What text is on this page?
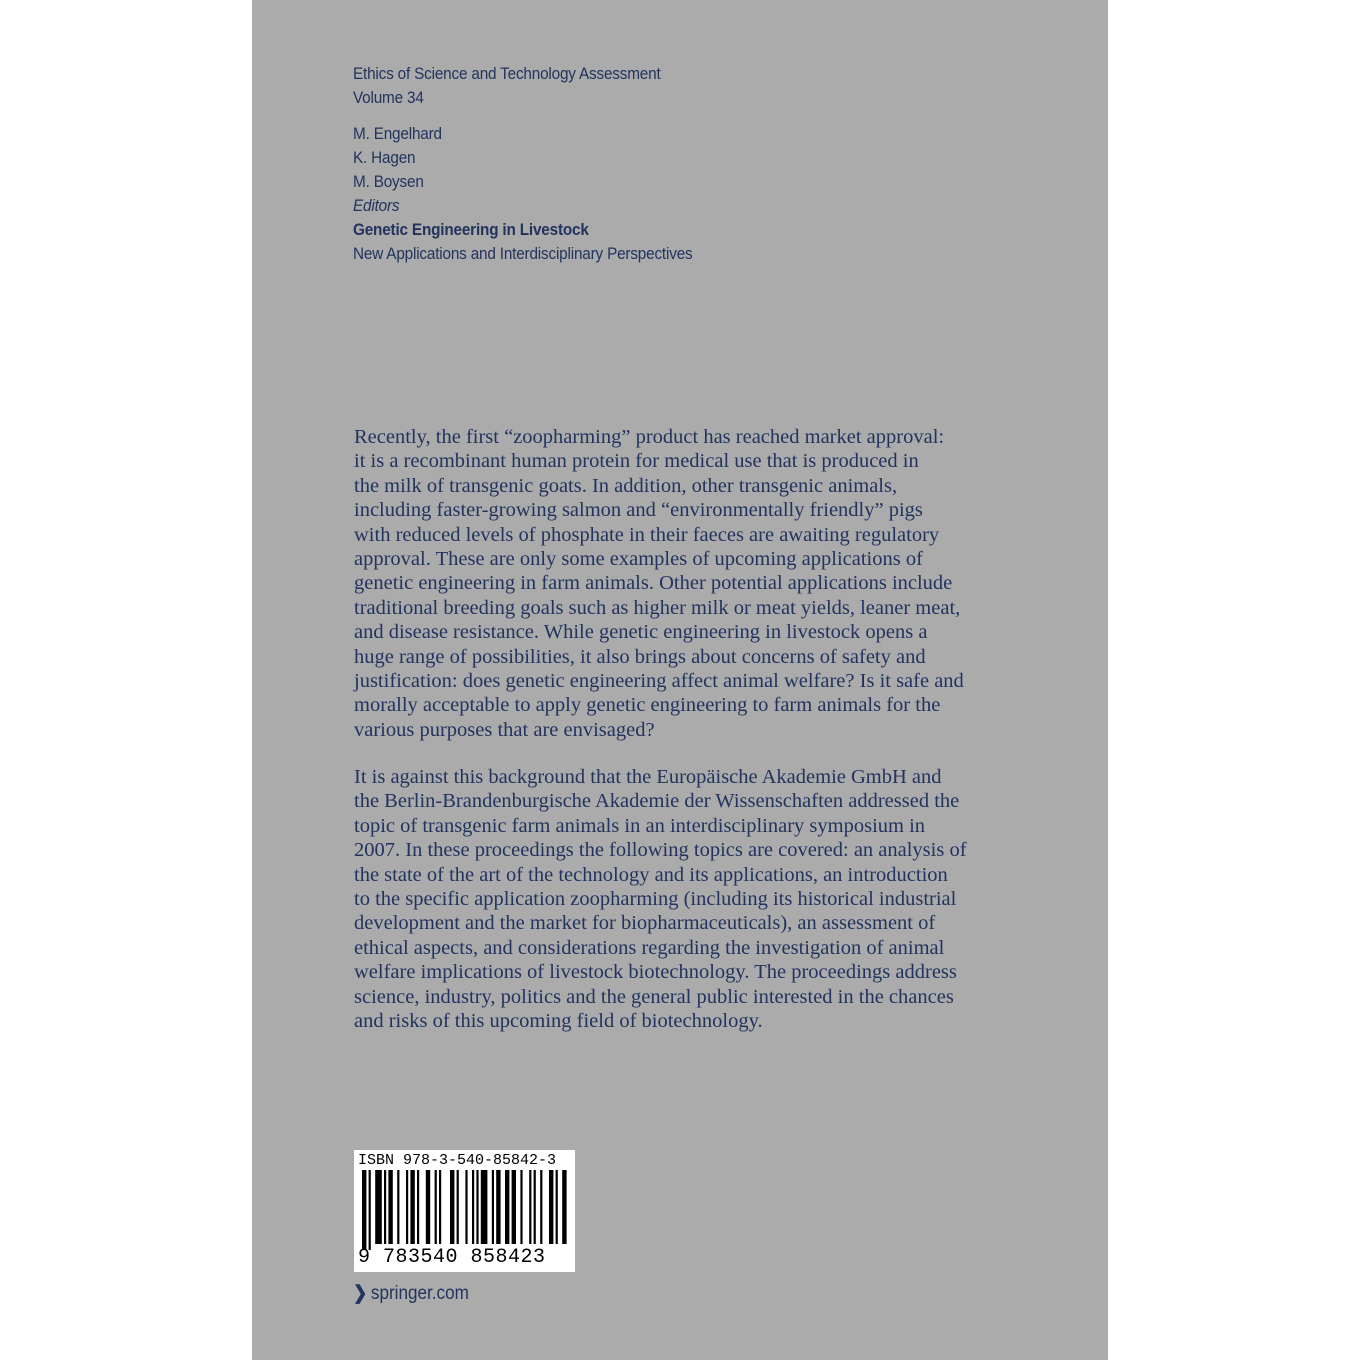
Ethics of Science and Technology Assessment
Volume 34
M. Engelhard
K. Hagen
M. Boysen
Editors
Genetic Engineering in Livestock
New Applications and Interdisciplinary Perspectives
Recently, the first “zoopharming” product has reached market approval:
it is a recombinant human protein for medical use that is produced in
the milk of transgenic goats. In addition, other transgenic animals,
including faster-growing salmon and “environmentally friendly” pigs
with reduced levels of phosphate in their faeces are awaiting regulatory
approval. These are only some examples of upcoming applications of
genetic engineering in farm animals. Other potential applications include
traditional breeding goals such as higher milk or meat yields, leaner meat,
and disease resistance. While genetic engineering in livestock opens a
huge range of possibilities, it also brings about concerns of safety and
justification: does genetic engineering affect animal welfare? Is it safe and
morally acceptable to apply genetic engineering to farm animals for the
various purposes that are envisaged?
It is against this background that the Europäische Akademie GmbH and
the Berlin-Brandenburgische Akademie der Wissenschaften addressed the
topic of transgenic farm animals in an interdisciplinary symposium in
2007. In these proceedings the following topics are covered: an analysis of
the state of the art of the technology and its applications, an introduction
to the specific application zoopharming (including its historical industrial
development and the market for biopharmaceuticals), an assessment of
ethical aspects, and considerations regarding the investigation of animal
welfare implications of livestock biotechnology. The proceedings address
science, industry, politics and the general public interested in the chances
and risks of this upcoming field of biotechnology.
ISBN 978-3-540-85842-3
9 783540 858423
❯ springer.com
